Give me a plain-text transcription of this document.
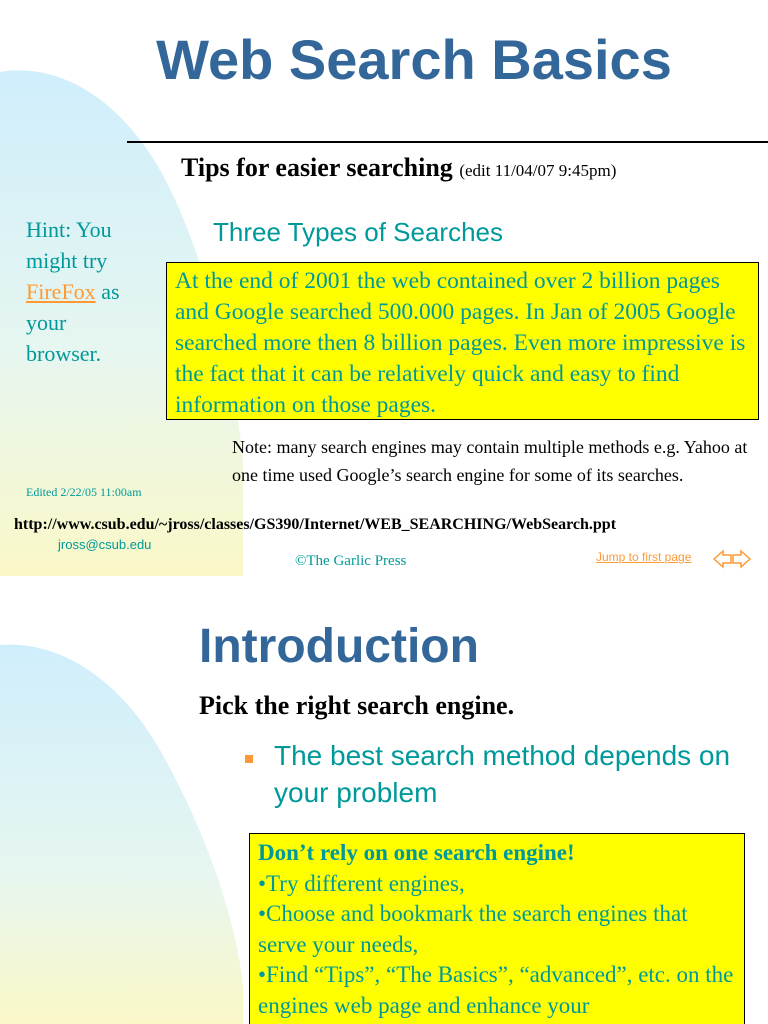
Web Search Basics
Tips for easier searching (edit 11/04/07 9:45pm)
Hint: You might try FireFox as your browser.
Three Types of Searches
At the end of 2001 the web contained over 2 billion pages and Google searched 500.000 pages. In Jan of 2005 Google searched more then 8 billion pages. Even more impressive is the fact that it can be relatively quick and easy to find information on those pages.
Note: many search engines may contain multiple methods e.g. Yahoo at one time used Google’s search engine for some of its searches.
Edited 2/22/05 11:00am
http://www.csub.edu/~jross/classes/GS390/Internet/WEB_SEARCHING/WebSearch.ppt
jross@csub.edu
©The Garlic Press	Jump to first page
Introduction
Pick the right search engine.
The best search method depends on your problem
Don’t rely on one search engine!
•Try different engines,
•Choose and bookmark the search engines that serve your needs,
•Find “Tips”, “The Basics”, “advanced”, etc. on the engines web page and enhance your
